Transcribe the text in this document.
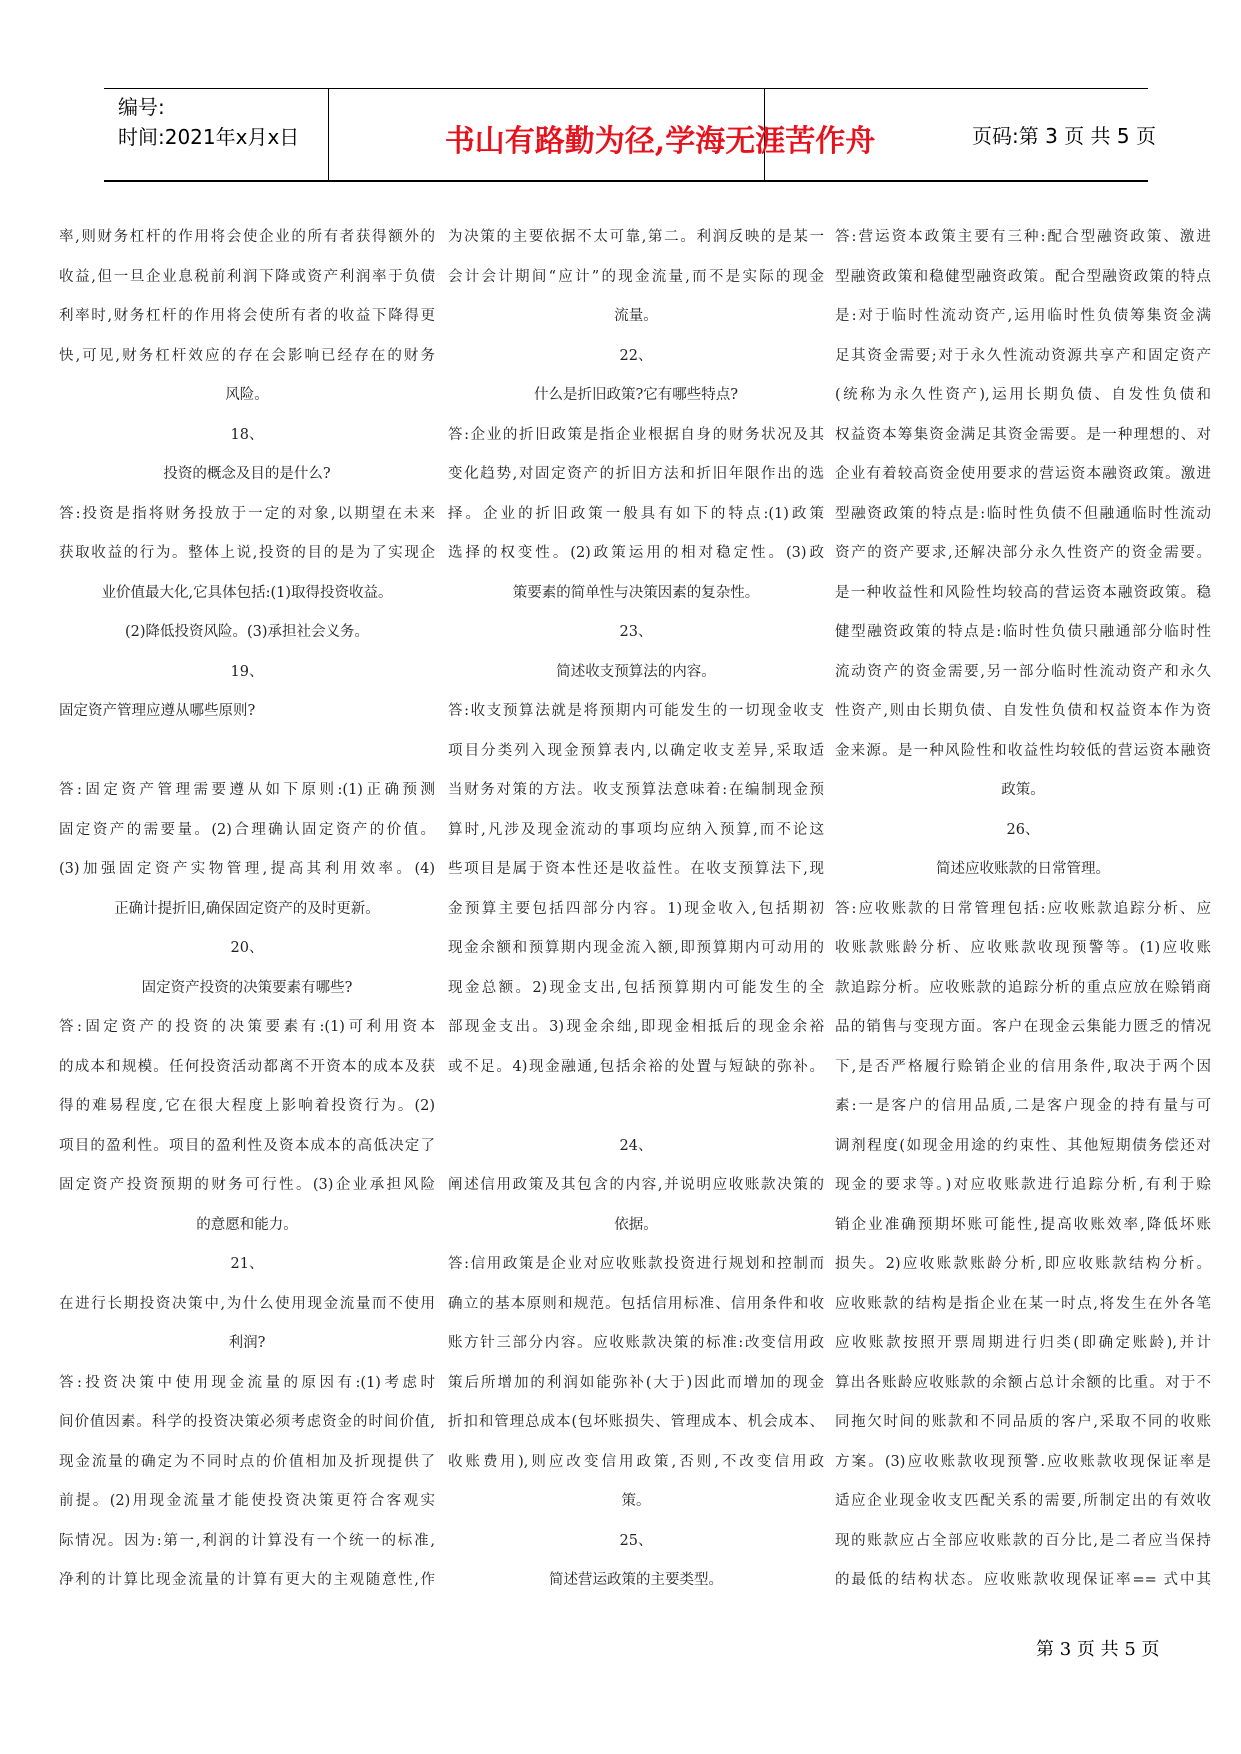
编号:
时间:2021年x月x日	书山有路勤为径,学海无涯苦作舟	页码:第 3 页 共 5 页

率,则财务杠杆的作用将会使企业的所有者获得额外的

收益,但一旦企业息税前利润下降或资产利润率于负债

利率时,财务杠杆的作用将会使所有者的收益下降得更

快,可见,财务杠杆效应的存在会影响已经存在的财务

风险。

18、

投资的概念及目的是什么?

答:投资是指将财务投放于一定的对象,以期望在未来

获取收益的行为。整体上说,投资的目的是为了实现企

业价值最大化,它具体包括:(1)取得投资收益。

(2)降低投资风险。(3)承担社会义务。

19、

固定资产管理应遵从哪些原则?

答:固定资产管理需要遵从如下原则:(1)正确预测

固定资产的需要量。(2)合理确认固定资产的价值。

(3)加强固定资产实物管理,提高其利用效率。(4)

正确计提折旧,确保固定资产的及时更新。

20、

固定资产投资的决策要素有哪些?

答:固定资产的投资的决策要素有:(1)可利用资本

的成本和规模。任何投资活动都离不开资本的成本及获

得的难易程度,它在很大程度上影响着投资行为。(2)

项目的盈利性。项目的盈利性及资本成本的高低决定了

固定资产投资预期的财务可行性。(3)企业承担风险

的意愿和能力。

21、

在进行长期投资决策中,为什么使用现金流量而不使用

利润?

答:投资决策中使用现金流量的原因有:(1)考虑时

间价值因素。科学的投资决策必须考虑资金的时间价值,

现金流量的确定为不同时点的价值相加及折现提供了

前提。(2)用现金流量才能使投资决策更符合客观实

际情况。因为:第一,利润的计算没有一个统一的标准,

净利的计算比现金流量的计算有更大的主观随意性,作

为决策的主要依据不太可靠,第二。利润反映的是某一

会计会计期间“应计”的现金流量,而不是实际的现金

流量。

22、

什么是折旧政策?它有哪些特点?

答:企业的折旧政策是指企业根据自身的财务状况及其

变化趋势,对固定资产的折旧方法和折旧年限作出的选

择。企业的折旧政策一般具有如下的特点:(1)政策

选择的权变性。(2)政策运用的相对稳定性。(3)政

策要素的简单性与决策因素的复杂性。

23、

简述收支预算法的内容。

答:收支预算法就是将预期内可能发生的一切现金收支

项目分类列入现金预算表内,以确定收支差异,采取适

当财务对策的方法。收支预算法意味着:在编制现金预

算时,凡涉及现金流动的事项均应纳入预算,而不论这

些项目是属于资本性还是收益性。在收支预算法下,现

金预算主要包括四部分内容。1)现金收入,包括期初

现金余额和预算期内现金流入额,即预算期内可动用的

现金总额。2)现金支出,包括预算期内可能发生的全

部现金支出。3)现金余绌,即现金相抵后的现金余裕

或不足。4)现金融通,包括余裕的处置与短缺的弥补。

24、

阐述信用政策及其包含的内容,并说明应收账款决策的

依据。

答:信用政策是企业对应收账款投资进行规划和控制而

确立的基本原则和规范。包括信用标准、信用条件和收

账方针三部分内容。应收账款决策的标准:改变信用政

策后所增加的利润如能弥补(大于)因此而增加的现金

折扣和管理总成本(包坏账损失、管理成本、机会成本、

收账费用),则应改变信用政策,否则,不改变信用政

策。

25、

简述营运政策的主要类型。

答:营运资本政策主要有三种:配合型融资政策、激进

型融资政策和稳健型融资政策。配合型融资政策的特点

是:对于临时性流动资产,运用临时性负债筹集资金满

足其资金需要;对于永久性流动资源共享产和固定资产

(统称为永久性资产),运用长期负债、自发性负债和

权益资本筹集资金满足其资金需要。是一种理想的、对

企业有着较高资金使用要求的营运资本融资政策。激进

型融资政策的特点是:临时性负债不但融通临时性流动

资产的资产要求,还解决部分永久性资产的资金需要。

是一种收益性和风险性均较高的营运资本融资政策。稳

健型融资政策的特点是:临时性负债只融通部分临时性

流动资产的资金需要,另一部分临时性流动资产和永久

性资产,则由长期负债、自发性负债和权益资本作为资

金来源。是一种风险性和收益性均较低的营运资本融资

政策。

26、

简述应收账款的日常管理。

答:应收账款的日常管理包括:应收账款追踪分析、应

收账款账龄分析、应收账款收现预警等。(1)应收账

款追踪分析。应收账款的追踪分析的重点应放在赊销商

品的销售与变现方面。客户在现金云集能力匮乏的情况

下,是否严格履行赊销企业的信用条件,取决于两个因

素:一是客户的信用品质,二是客户现金的持有量与可

调剂程度(如现金用途的约束性、其他短期债务偿还对

现金的要求等。)对应收账款进行追踪分析,有利于赊

销企业准确预期坏账可能性,提高收账效率,降低坏账

损失。2)应收账款账龄分析,即应收账款结构分析。

应收账款的结构是指企业在某一时点,将发生在外各笔

应收账款按照开票周期进行归类(即确定账龄),并计

算出各账龄应收账款的余额占总计余额的比重。对于不

同拖欠时间的账款和不同品质的客户,采取不同的收账

方案。(3)应收账款收现预警.应收账款收现保证率是

适应企业现金收支匹配关系的需要,所制定出的有效收

现的账款应占全部应收账款的百分比,是二者应当保持

的最低的结构状态。应收账款收现保证率== 式中其

第 3 页 共 5 页
